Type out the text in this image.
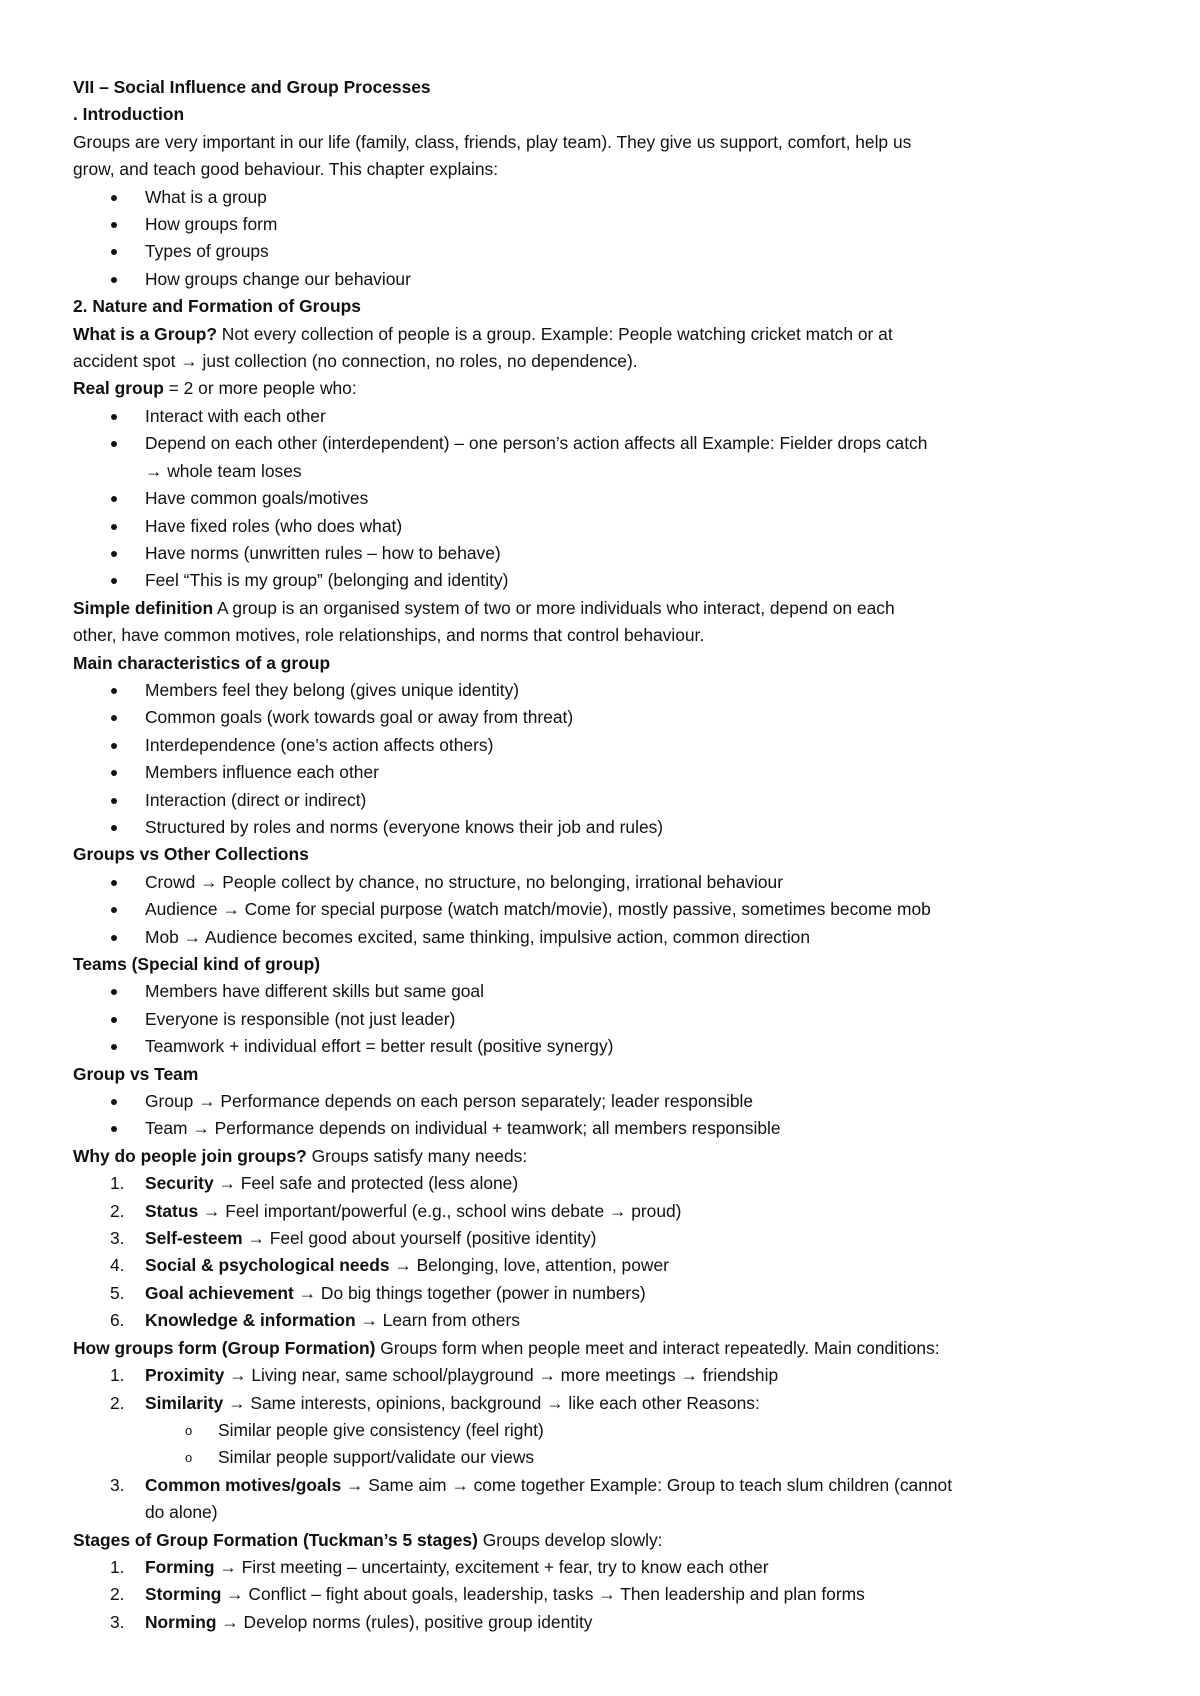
VII – Social Influence and Group Processes
. Introduction
Groups are very important in our life (family, class, friends, play team). They give us support, comfort, help us
grow, and teach good behaviour. This chapter explains:
What is a group
How groups form
Types of groups
How groups change our behaviour
2. Nature and Formation of Groups
What is a Group? Not every collection of people is a group. Example: People watching cricket match or at
accident spot → just collection (no connection, no roles, no dependence).
Real group = 2 or more people who:
Interact with each other
Depend on each other (interdependent) – one person’s action affects all Example: Fielder drops catch
→ whole team loses
Have common goals/motives
Have fixed roles (who does what)
Have norms (unwritten rules – how to behave)
Feel “This is my group” (belonging and identity)
Simple definition A group is an organised system of two or more individuals who interact, depend on each
other, have common motives, role relationships, and norms that control behaviour.
Main characteristics of a group
Members feel they belong (gives unique identity)
Common goals (work towards goal or away from threat)
Interdependence (one’s action affects others)
Members influence each other
Interaction (direct or indirect)
Structured by roles and norms (everyone knows their job and rules)
Groups vs Other Collections
Crowd → People collect by chance, no structure, no belonging, irrational behaviour
Audience → Come for special purpose (watch match/movie), mostly passive, sometimes become mob
Mob → Audience becomes excited, same thinking, impulsive action, common direction
Teams (Special kind of group)
Members have different skills but same goal
Everyone is responsible (not just leader)
Teamwork + individual effort = better result (positive synergy)
Group vs Team
Group → Performance depends on each person separately; leader responsible
Team → Performance depends on individual + teamwork; all members responsible
Why do people join groups? Groups satisfy many needs:
1. Security → Feel safe and protected (less alone)
2. Status → Feel important/powerful (e.g., school wins debate → proud)
3. Self-esteem → Feel good about yourself (positive identity)
4. Social & psychological needs → Belonging, love, attention, power
5. Goal achievement → Do big things together (power in numbers)
6. Knowledge & information → Learn from others
How groups form (Group Formation) Groups form when people meet and interact repeatedly. Main conditions:
1. Proximity → Living near, same school/playground → more meetings → friendship
2. Similarity → Same interests, opinions, background → like each other Reasons:
o Similar people give consistency (feel right)
o Similar people support/validate our views
3. Common motives/goals → Same aim → come together Example: Group to teach slum children (cannot
do alone)
Stages of Group Formation (Tuckman’s 5 stages) Groups develop slowly:
1. Forming → First meeting – uncertainty, excitement + fear, try to know each other
2. Storming → Conflict – fight about goals, leadership, tasks → Then leadership and plan forms
3. Norming → Develop norms (rules), positive group identity
